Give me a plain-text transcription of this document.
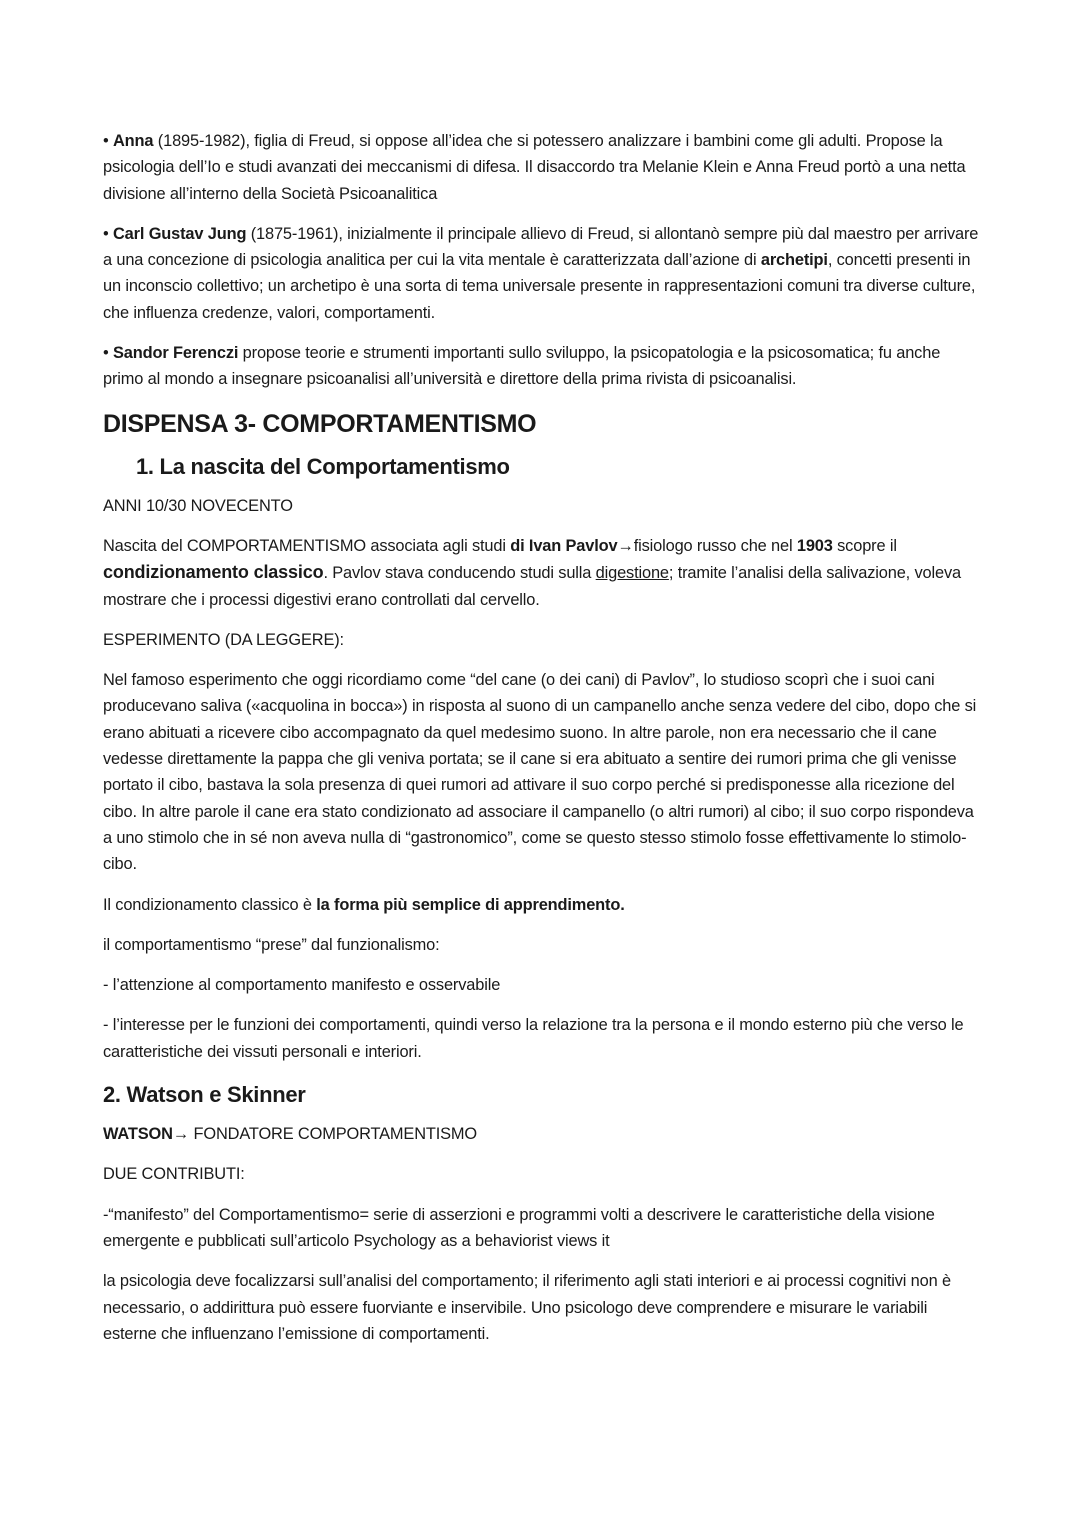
• Anna (1895-1982), figlia di Freud, si oppose all’idea che si potessero analizzare i bambini come gli adulti. Propose la psicologia dell’Io e studi avanzati dei meccanismi di difesa. Il disaccordo tra Melanie Klein e Anna Freud portò a una netta divisione all’interno della Società Psicoanalitica

• Carl Gustav Jung (1875-1961), inizialmente il principale allievo di Freud, si allontanò sempre più dal maestro per arrivare a una concezione di psicologia analitica per cui la vita mentale è caratterizzata dall’azione di archetipi, concetti presenti in un inconscio collettivo; un archetipo è una sorta di tema universale presente in rappresentazioni comuni tra diverse culture, che influenza credenze, valori, comportamenti.

• Sandor Ferenczi propose teorie e strumenti importanti sullo sviluppo, la psicopatologia e la psicosomatica; fu anche primo al mondo a insegnare psicoanalisi all’università e direttore della prima rivista di psicoanalisi.

DISPENSA 3- COMPORTAMENTISMO
1. La nascita del Comportamentismo

ANNI 10/30 NOVECENTO

Nascita del COMPORTAMENTISMO associata agli studi di Ivan Pavlov→fisiologo russo che nel 1903 scopre il condizionamento classico. Pavlov stava conducendo studi sulla digestione; tramite l’analisi della salivazione, voleva mostrare che i processi digestivi erano controllati dal cervello.

ESPERIMENTO (DA LEGGERE):

Nel famoso esperimento che oggi ricordiamo come “del cane (o dei cani) di Pavlov”, lo studioso scoprì che i suoi cani producevano saliva («acquolina in bocca») in risposta al suono di un campanello anche senza vedere del cibo, dopo che si erano abituati a ricevere cibo accompagnato da quel medesimo suono. In altre parole, non era necessario che il cane vedesse direttamente la pappa che gli veniva portata; se il cane si era abituato a sentire dei rumori prima che gli venisse portato il cibo, bastava la sola presenza di quei rumori ad attivare il suo corpo perché si predisponesse alla ricezione del cibo. In altre parole il cane era stato condizionato ad associare il campanello (o altri rumori) al cibo; il suo corpo rispondeva a uno stimolo che in sé non aveva nulla di “gastronomico”, come se questo stesso stimolo fosse effettivamente lo stimolo-cibo.

Il condizionamento classico è la forma più semplice di apprendimento.

il comportamentismo “prese” dal funzionalismo:

- l’attenzione al comportamento manifesto e osservabile

- l’interesse per le funzioni dei comportamenti, quindi verso la relazione tra la persona e il mondo esterno più che verso le caratteristiche dei vissuti personali e interiori.

2. Watson e Skinner

WATSON→ FONDATORE COMPORTAMENTISMO

DUE CONTRIBUTI:

-“manifesto” del Comportamentismo= serie di asserzioni e programmi volti a descrivere le caratteristiche della visione emergente e pubblicati sull’articolo Psychology as a behaviorist views it

la psicologia deve focalizzarsi sull’analisi del comportamento; il riferimento agli stati interiori e ai processi cognitivi non è necessario, o addirittura può essere fuorviante e inservibile. Uno psicologo deve comprendere e misurare le variabili esterne che influenzano l’emissione di comportamenti.
